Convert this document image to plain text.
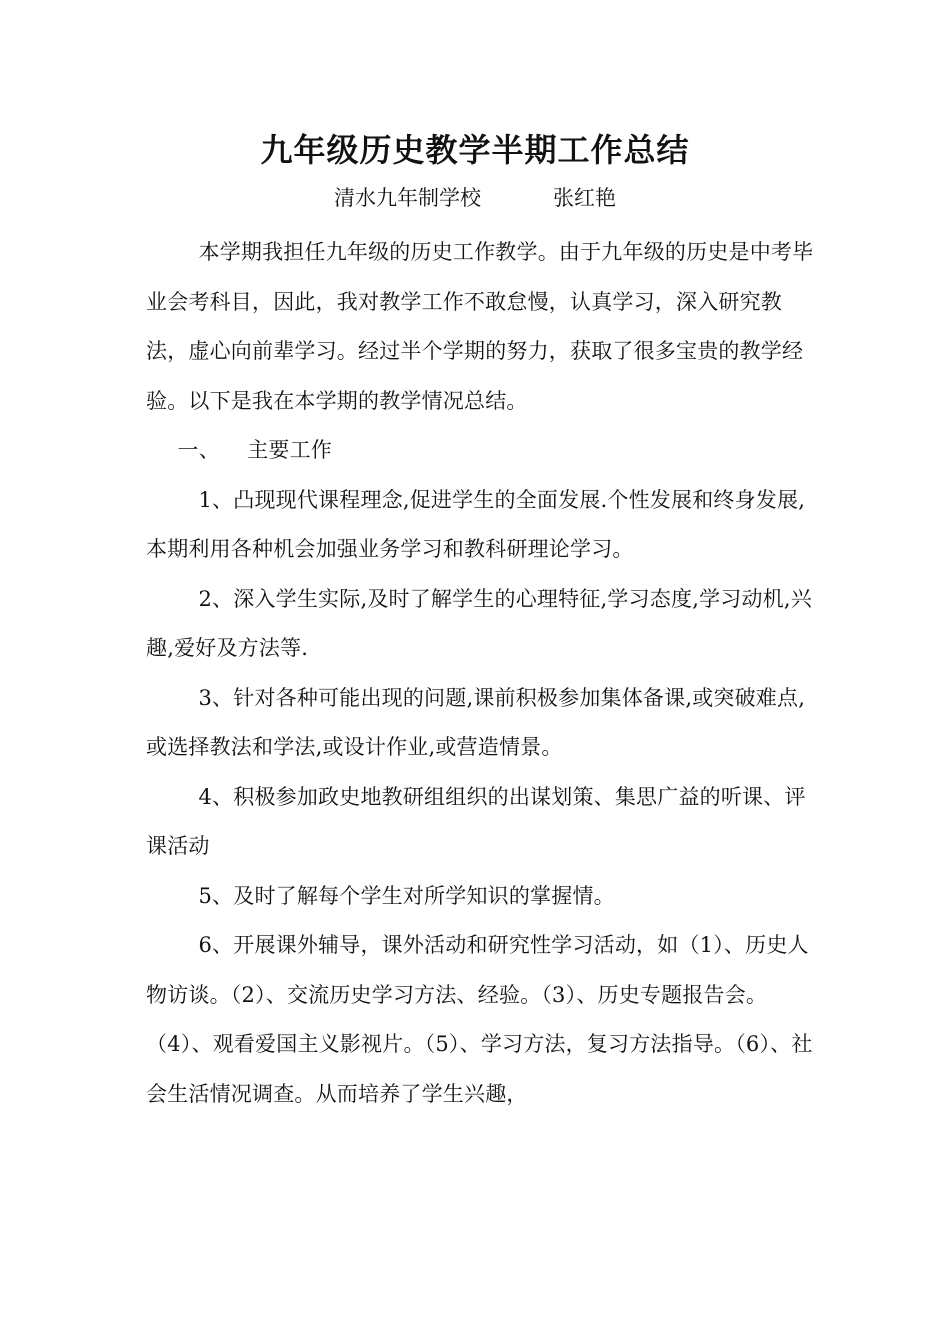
九年级历史教学半期工作总结
清水九年制学校	张红艳

本学期我担任九年级的历史工作教学。由于九年级的历史是中考毕业会考科目，因此，我对教学工作不敢怠慢，认真学习，深入研究教法，虚心向前辈学习。经过半个学期的努力，获取了很多宝贵的教学经验。以下是我在本学期的教学情况总结。

一、 主要工作

1、凸现现代课程理念,促进学生的全面发展.个性发展和终身发展,本期利用各种机会加强业务学习和教科研理论学习。

2、深入学生实际,及时了解学生的心理特征,学习态度,学习动机,兴趣,爱好及方法等.

3、针对各种可能出现的问题,课前积极参加集体备课,或突破难点,或选择教法和学法,或设计作业,或营造情景。

4、积极参加政史地教研组组织的出谋划策、集思广益的听课、评课活动

5、及时了解每个学生对所学知识的掌握情。

6、开展课外辅导，课外活动和研究性学习活动，如（1）、历史人物访谈。（2）、交流历史学习方法、经验。（3）、历史专题报告会。（4）、观看爱国主义影视片。（5）、学习方法，复习方法指导。（6）、社会生活情况调查。从而培养了学生兴趣，
